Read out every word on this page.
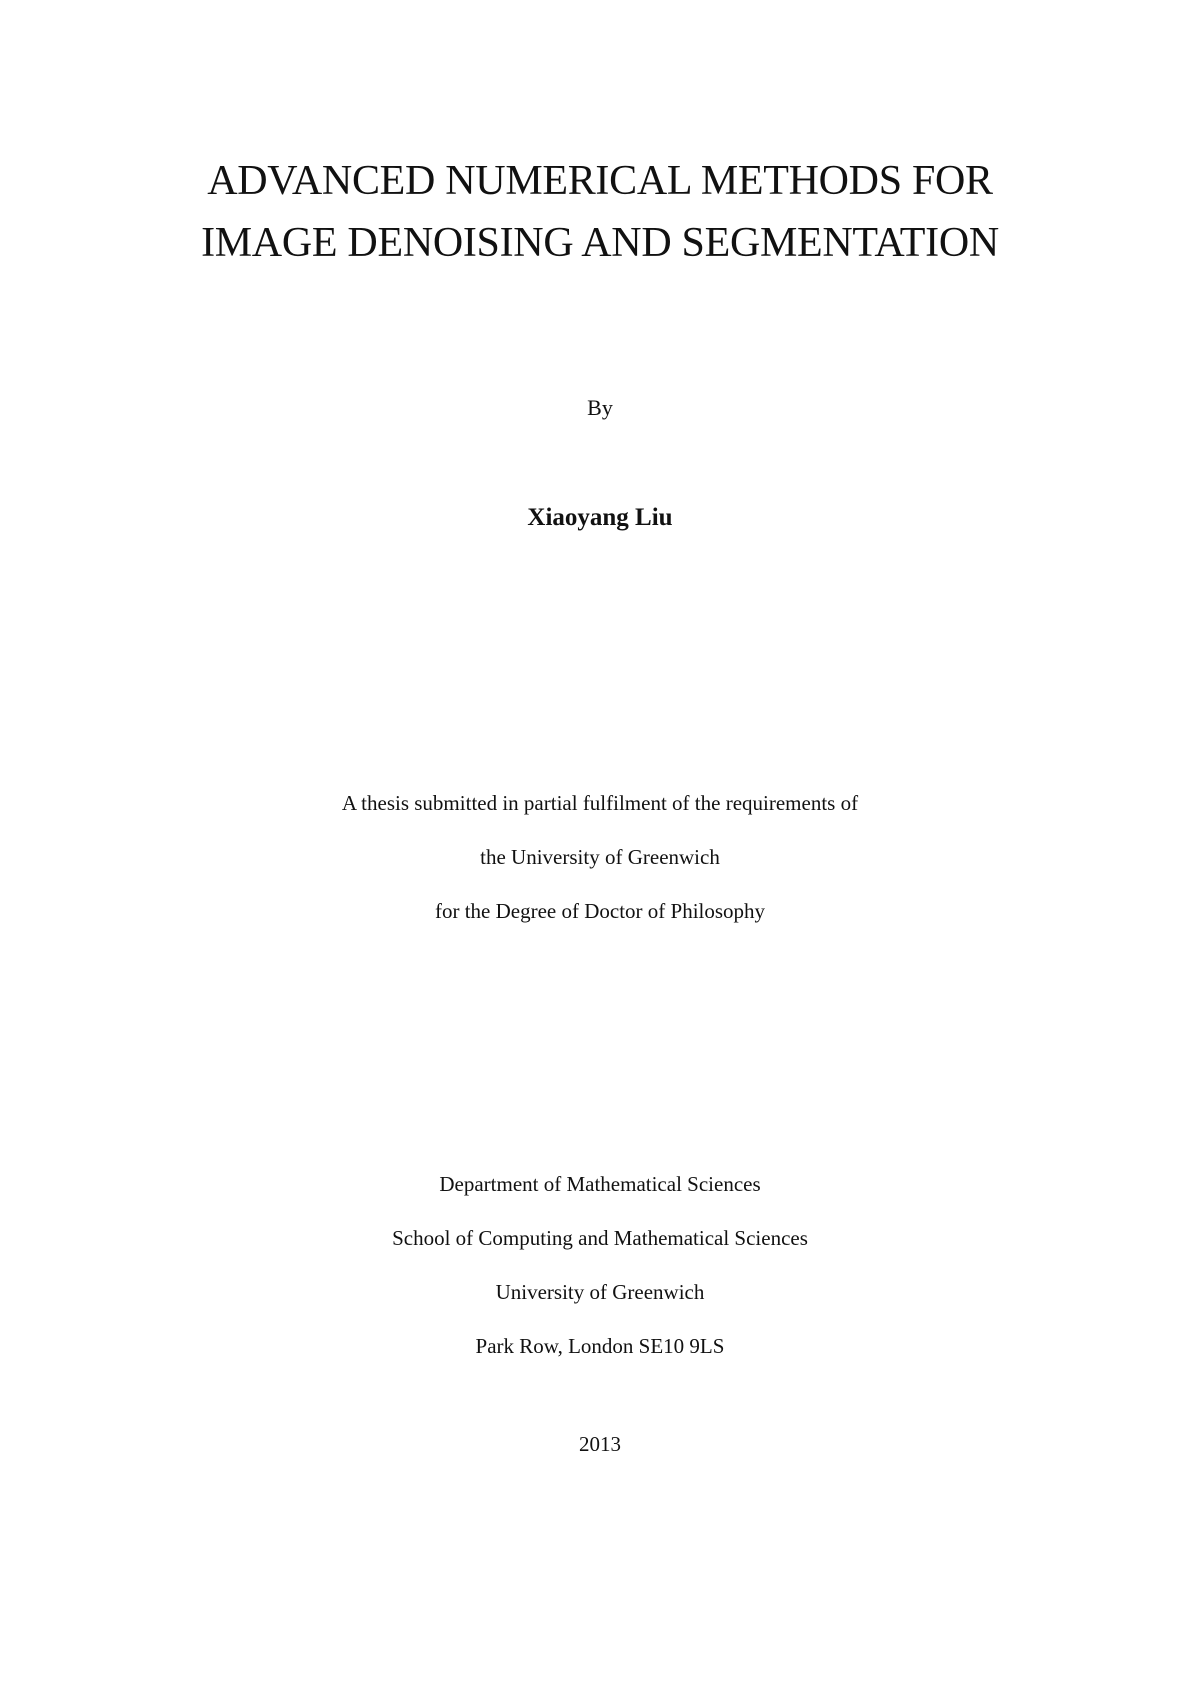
ADVANCED NUMERICAL METHODS FOR
IMAGE DENOISING AND SEGMENTATION
By
Xiaoyang Liu
A thesis submitted in partial fulfilment of the requirements of
the University of Greenwich
for the Degree of Doctor of Philosophy
Department of Mathematical Sciences
School of Computing and Mathematical Sciences
University of Greenwich
Park Row, London SE10 9LS
2013
